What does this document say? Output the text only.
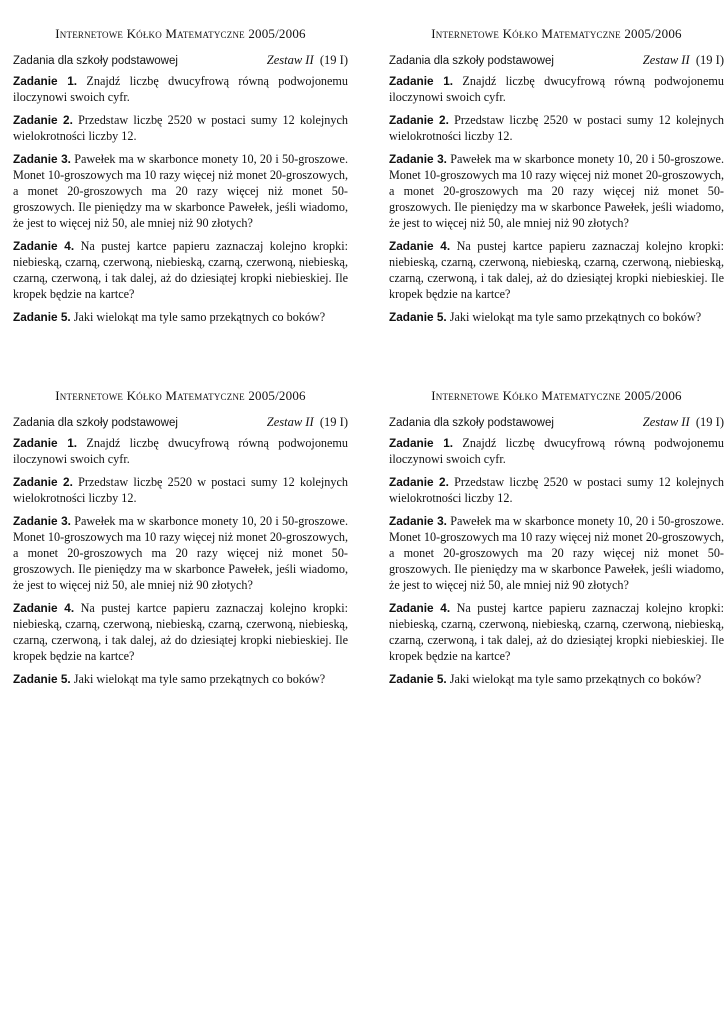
Internetowe Kółko Matematyczne 2005/2006
Zadania dla szkoły podstawowej	Zestaw II (19 I)

Zadanie 1. Znajdź liczbę dwucyfrową równą podwojonemu iloczynowi swoich cyfr.

Zadanie 2. Przedstaw liczbę 2520 w postaci sumy 12 kolejnych wielokrotności liczby 12.

Zadanie 3. Pawełek ma w skarbonce monety 10, 20 i 50-groszowe. Monet 10-groszowych ma 10 razy więcej niż monet 20-groszowych, a monet 20-groszowych ma 20 razy więcej niż monet 50-groszowych. Ile pieniędzy ma w skarbonce Pawełek, jeśli wiadomo, że jest to więcej niż 50, ale mniej niż 90 złotych?

Zadanie 4. Na pustej kartce papieru zaznaczaj kolejno kropki: niebieską, czarną, czerwoną, niebieską, czarną, czerwoną, niebieską, czarną, czerwoną, i tak dalej, aż do dziesiątej kropki niebieskiej. Ile kropek będzie na kartce?

Zadanie 5. Jaki wielokąt ma tyle samo przekątnych co boków?

Internetowe Kółko Matematyczne 2005/2006
Zadania dla szkoły podstawowej	Zestaw II (19 I)

Zadanie 1. Znajdź liczbę dwucyfrową równą podwojonemu iloczynowi swoich cyfr.

Zadanie 2. Przedstaw liczbę 2520 w postaci sumy 12 kolejnych wielokrotności liczby 12.

Zadanie 3. Pawełek ma w skarbonce monety 10, 20 i 50-groszowe. Monet 10-groszowych ma 10 razy więcej niż monet 20-groszowych, a monet 20-groszowych ma 20 razy więcej niż monet 50-groszowych. Ile pieniędzy ma w skarbonce Pawełek, jeśli wiadomo, że jest to więcej niż 50, ale mniej niż 90 złotych?

Zadanie 4. Na pustej kartce papieru zaznaczaj kolejno kropki: niebieską, czarną, czerwoną, niebieską, czarną, czerwoną, niebieską, czarną, czerwoną, i tak dalej, aż do dziesiątej kropki niebieskiej. Ile kropek będzie na kartce?

Zadanie 5. Jaki wielokąt ma tyle samo przekątnych co boków?

Internetowe Kółko Matematyczne 2005/2006
Zadania dla szkoły podstawowej	Zestaw II (19 I)

Zadanie 1. Znajdź liczbę dwucyfrową równą podwojonemu iloczynowi swoich cyfr.

Zadanie 2. Przedstaw liczbę 2520 w postaci sumy 12 kolejnych wielokrotności liczby 12.

Zadanie 3. Pawełek ma w skarbonce monety 10, 20 i 50-groszowe. Monet 10-groszowych ma 10 razy więcej niż monet 20-groszowych, a monet 20-groszowych ma 20 razy więcej niż monet 50-groszowych. Ile pieniędzy ma w skarbonce Pawełek, jeśli wiadomo, że jest to więcej niż 50, ale mniej niż 90 złotych?

Zadanie 4. Na pustej kartce papieru zaznaczaj kolejno kropki: niebieską, czarną, czerwoną, niebieską, czarną, czerwoną, niebieską, czarną, czerwoną, i tak dalej, aż do dziesiątej kropki niebieskiej. Ile kropek będzie na kartce?

Zadanie 5. Jaki wielokąt ma tyle samo przekątnych co boków?

Internetowe Kółko Matematyczne 2005/2006
Zadania dla szkoły podstawowej	Zestaw II (19 I)

Zadanie 1. Znajdź liczbę dwucyfrową równą podwojonemu iloczynowi swoich cyfr.

Zadanie 2. Przedstaw liczbę 2520 w postaci sumy 12 kolejnych wielokrotności liczby 12.

Zadanie 3. Pawełek ma w skarbonce monety 10, 20 i 50-groszowe. Monet 10-groszowych ma 10 razy więcej niż monet 20-groszowych, a monet 20-groszowych ma 20 razy więcej niż monet 50-groszowych. Ile pieniędzy ma w skarbonce Pawełek, jeśli wiadomo, że jest to więcej niż 50, ale mniej niż 90 złotych?

Zadanie 4. Na pustej kartce papieru zaznaczaj kolejno kropki: niebieską, czarną, czerwoną, niebieską, czarną, czerwoną, niebieską, czarną, czerwoną, i tak dalej, aż do dziesiątej kropki niebieskiej. Ile kropek będzie na kartce?

Zadanie 5. Jaki wielokąt ma tyle samo przekątnych co boków?
